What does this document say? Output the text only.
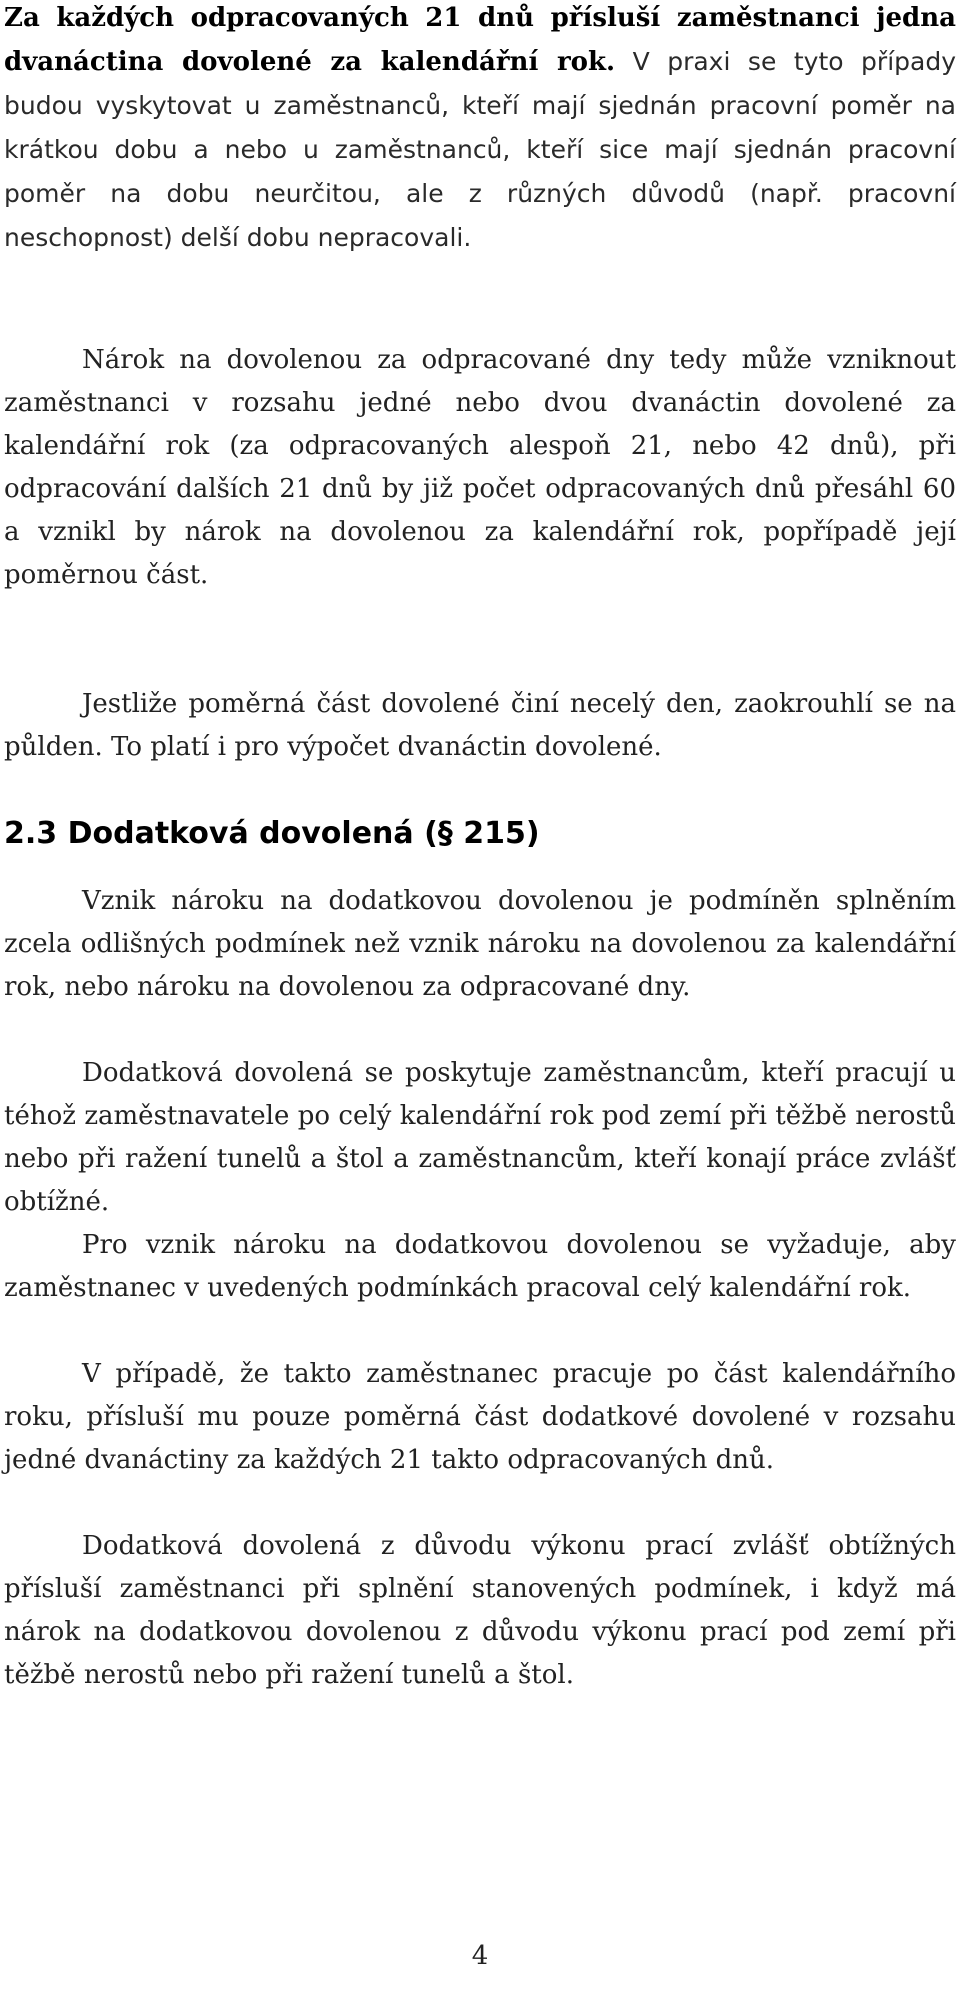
Za každých odpracovaných 21 dnů přísluší zaměstnanci jedna dvanáctina dovolené za kalendářní rok. V praxi se tyto případy budou vyskytovat u zaměstnanců, kteří mají sjednán pracovní poměr na krátkou dobu a nebo u zaměstnanců, kteří sice mají sjednán pracovní poměr na dobu neurčitou, ale z různých důvodů (např. pracovní neschopnost) delší dobu nepracovali.

Nárok na dovolenou za odpracované dny tedy může vzniknout zaměstnanci v rozsahu jedné nebo dvou dvanáctin dovolené za kalendářní rok (za odpracovaných alespoň 21, nebo 42 dnů), při odpracování dalších 21 dnů by již počet odpracovaných dnů přesáhl 60 a vznikl by nárok na dovolenou za kalendářní rok, popřípadě její poměrnou část.

Jestliže poměrná část dovolené činí necelý den, zaokrouhlí se na půlden. To platí i pro výpočet dvanáctin dovolené.

2.3 Dodatková dovolená (§ 215)

Vznik nároku na dodatkovou dovolenou je podmíněn splněním zcela odlišných podmínek než vznik nároku na dovolenou za kalendářní rok, nebo nároku na dovolenou za odpracované dny.

Dodatková dovolená se poskytuje zaměstnancům, kteří pracují u téhož zaměstnavatele po celý kalendářní rok pod zemí při těžbě nerostů nebo při ražení tunelů a štol a zaměstnancům, kteří konají práce zvlášť obtížné.

Pro vznik nároku na dodatkovou dovolenou se vyžaduje, aby zaměstnanec v uvedených podmínkách pracoval celý kalendářní rok.

V případě, že takto zaměstnanec pracuje po část kalendářního roku, přísluší mu pouze poměrná část dodatkové dovolené v rozsahu jedné dvanáctiny za každých 21 takto odpracovaných dnů.

Dodatková dovolená z důvodu výkonu prací zvlášť obtížných přísluší zaměstnanci při splnění stanovených podmínek, i když má nárok na dodatkovou dovolenou z důvodu výkonu prací pod zemí při těžbě nerostů nebo při ražení tunelů a štol.

4
